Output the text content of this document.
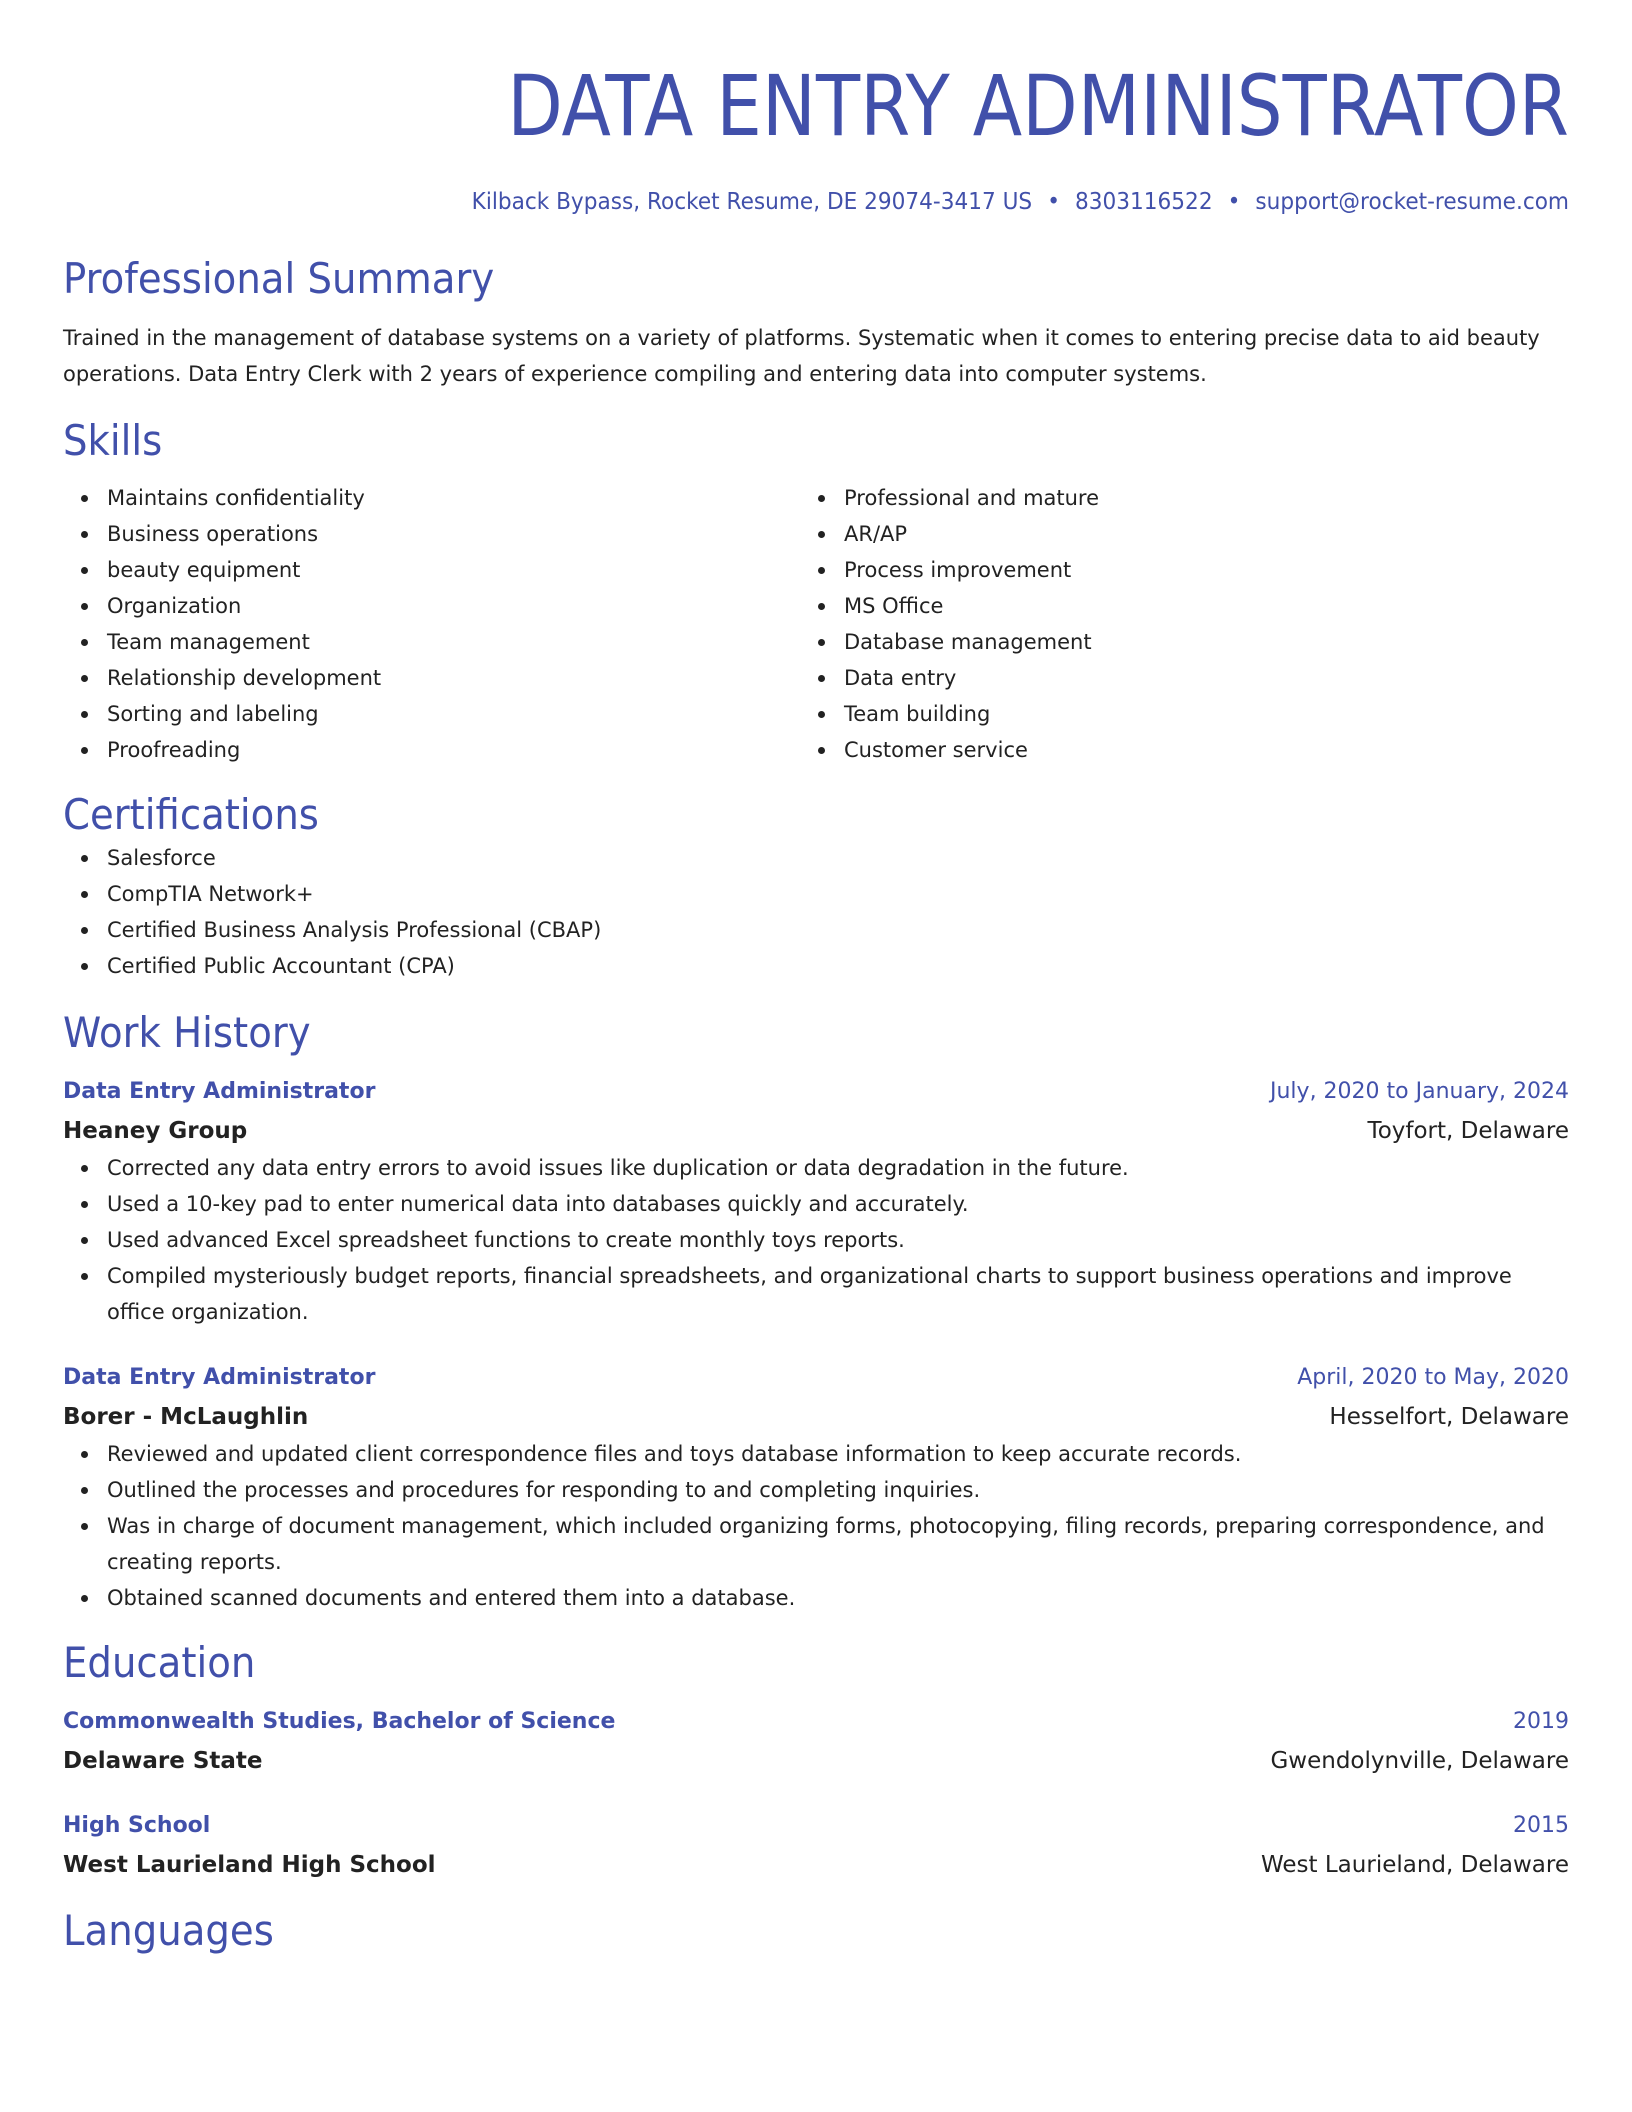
DATA ENTRY ADMINISTRATOR
Kilback Bypass, Rocket Resume, DE 29074-3417 US • 8303116522 • support@rocket-resume.com
Professional Summary
Trained in the management of database systems on a variety of platforms. Systematic when it comes to entering precise data to aid beauty operations. Data Entry Clerk with 2 years of experience compiling and entering data into computer systems.
Skills
Maintains confidentiality
Business operations
beauty equipment
Organization
Team management
Relationship development
Sorting and labeling
Proofreading
Professional and mature
AR/AP
Process improvement
MS Office
Database management
Data entry
Team building
Customer service
Certifications
Salesforce
CompTIA Network+
Certified Business Analysis Professional (CBAP)
Certified Public Accountant (CPA)
Work History
Data Entry Administrator	July, 2020 to January, 2024
Heaney Group	Toyfort, Delaware
Corrected any data entry errors to avoid issues like duplication or data degradation in the future.
Used a 10-key pad to enter numerical data into databases quickly and accurately.
Used advanced Excel spreadsheet functions to create monthly toys reports.
Compiled mysteriously budget reports, financial spreadsheets, and organizational charts to support business operations and improve office organization.
Data Entry Administrator	April, 2020 to May, 2020
Borer - McLaughlin	Hesselfort, Delaware
Reviewed and updated client correspondence files and toys database information to keep accurate records.
Outlined the processes and procedures for responding to and completing inquiries.
Was in charge of document management, which included organizing forms, photocopying, filing records, preparing correspondence, and creating reports.
Obtained scanned documents and entered them into a database.
Education
Commonwealth Studies, Bachelor of Science	2019
Delaware State	Gwendolynville, Delaware
High School	2015
West Laurieland High School	West Laurieland, Delaware
Languages
